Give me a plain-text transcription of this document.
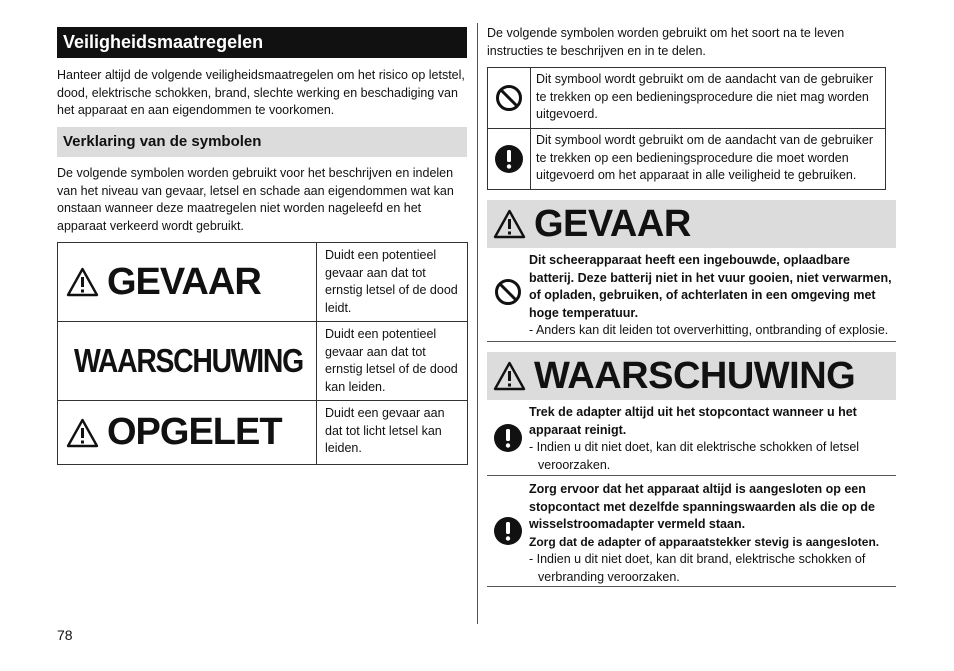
Veiligheidsmaatregelen

Hanteer altijd de volgende veiligheidsmaatregelen om het risico op letstel, dood, elektrische schokken, brand, slechte werking en beschadiging van het apparaat en aan eigendommen te voorkomen.

Verklaring van de symbolen

De volgende symbolen worden gebruikt voor het beschrijven en indelen van het niveau van gevaar, letsel en schade aan eigendommen wat kan onstaan wanneer deze maatregelen niet worden nageleefd en het apparaat verkeerd wordt gebruikt.

GEVAAR
Duidt een potentieel gevaar aan dat tot ernstig letsel of de dood leidt.
WAARSCHUWING
Duidt een potentieel gevaar aan dat tot ernstig letsel of de dood kan leiden.
OPGELET	Duidt een gevaar aan dat tot licht letsel kan leiden.
78

De volgende symbolen worden gebruikt om het soort na te leven instructies te beschrijven en in te delen.

Dit symbool wordt gebruikt om de aandacht van de gebruiker te trekken op een bedieningsprocedure die niet mag worden uitgevoerd.
Dit symbool wordt gebruikt om de aandacht van de gebruiker te trekken op een bedieningsprocedure die moet worden uitgevoerd om het apparaat in alle veiligheid te gebruiken.
GEVAAR
Dit scheerapparaat heeft een ingebouwde, oplaadbare batterij. Deze batterij niet in het vuur gooien, niet verwarmen, of opladen, gebruiken, of achterlaten in een omgeving met hoge temperatuur.
- Anders kan dit leiden tot oververhitting, ontbranding of explosie.
WAARSCHUWING
Trek de adapter altijd uit het stopcontact wanneer u het apparaat reinigt.
- Indien u dit niet doet, kan dit elektrische schokken of letsel veroorzaken.
Zorg ervoor dat het apparaat altijd is aangesloten op een stopcontact met dezelfde spanningswaarden als die op de wisselstroomadapter vermeld staan.
Zorg dat de adapter of apparaatstekker stevig is aangesloten.
- Indien u dit niet doet, kan dit brand, elektrische schokken of verbranding veroorzaken.
